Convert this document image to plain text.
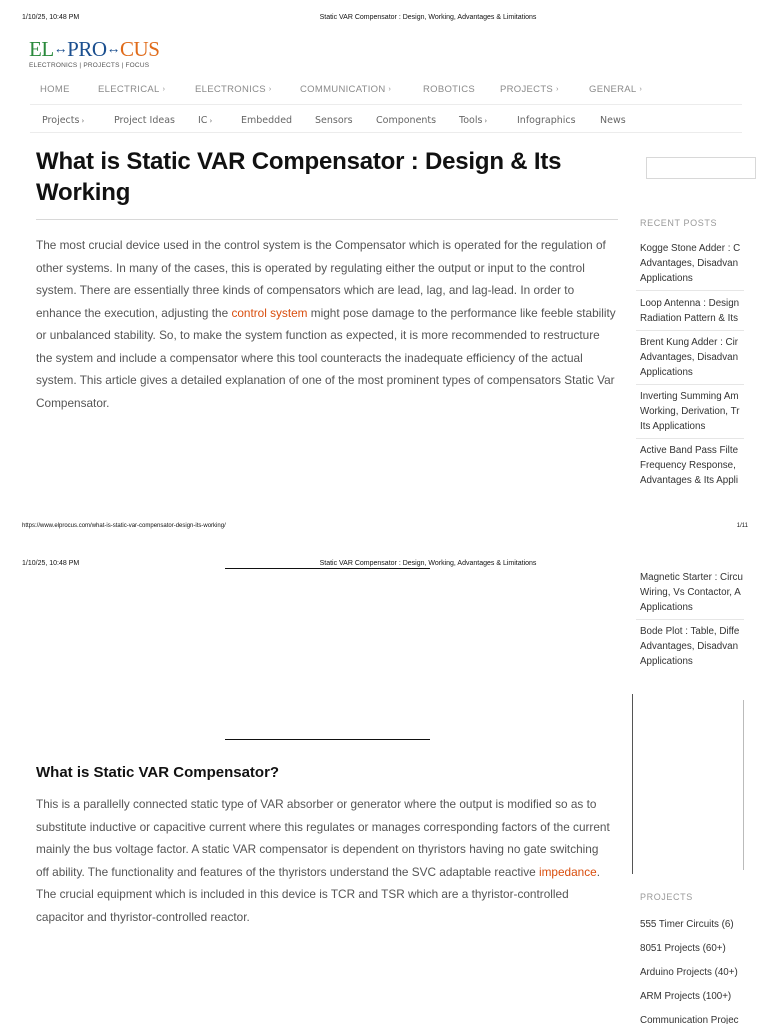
1/10/25, 10:48 PM	Static VAR Compensator : Design, Working, Advantages & Limitations
EL↔PRO↔CUS
ELECTRONICS | PROJECTS | FOCUS
HOME	ELECTRICAL ›	ELECTRONICS ›	COMMUNICATION ›	ROBOTICS	PROJECTS ›	GENERAL ›
Projects ›	Project Ideas IC ›	Embedded Sensors Components Tools ›	Infographics	News
What is Static VAR Compensator : Design & Its Working

The most crucial device used in the control system is the Compensator which is operated for the regulation of other systems. In many of the cases, this is operated by regulating either the output or input to the control system. There are essentially three kinds of compensators which are lead, lag, and lag-lead. In order to enhance the execution, adjusting the control system might pose damage to the performance like feeble stability or unbalanced stability. So, to make the system function as expected, it is more recommended to restructure the system and include a compensator where this tool counteracts the inadequate efficiency of the actual system. This article gives a detailed explanation of one of the most prominent types of compensators Static Var Compensator.

RECENT POSTS
Kogge Stone Adder : C
Advantages, Disadvan
Applications
Loop Antenna : Design
Radiation Pattern & Its
Brent Kung Adder : Cir
Advantages, Disadvan
Applications
Inverting Summing Am
Working, Derivation, Tr
Its Applications
Active Band Pass Filte
Frequency Response,
Advantages & Its Appli
https://www.elprocus.com/what-is-static-var-compensator-design-its-working/	1/11
1/10/25, 10:48 PM	Static VAR Compensator : Design, Working, Advantages & Limitations
Magnetic Starter : Circu
Wiring, Vs Contactor, A
Applications
Bode Plot : Table, Diffe
Advantages, Disadvan
Applications
What is Static VAR Compensator?

This is a parallelly connected static type of VAR absorber or generator where the output is modified so as to substitute inductive or capacitive current where this regulates or manages corresponding factors of the current mainly the bus voltage factor. A static VAR compensator is dependent on thyristors having no gate switching off ability. The functionality and features of the thyristors understand the SVC adaptable reactive impedance. The crucial equipment which is included in this device is TCR and TSR which are a thyristor-controlled capacitor and thyristor-controlled reactor.

PROJECTS
555 Timer Circuits (6)
8051 Projects (60+)
Arduino Projects (40+)
ARM Projects (100+)
Communication Projec
